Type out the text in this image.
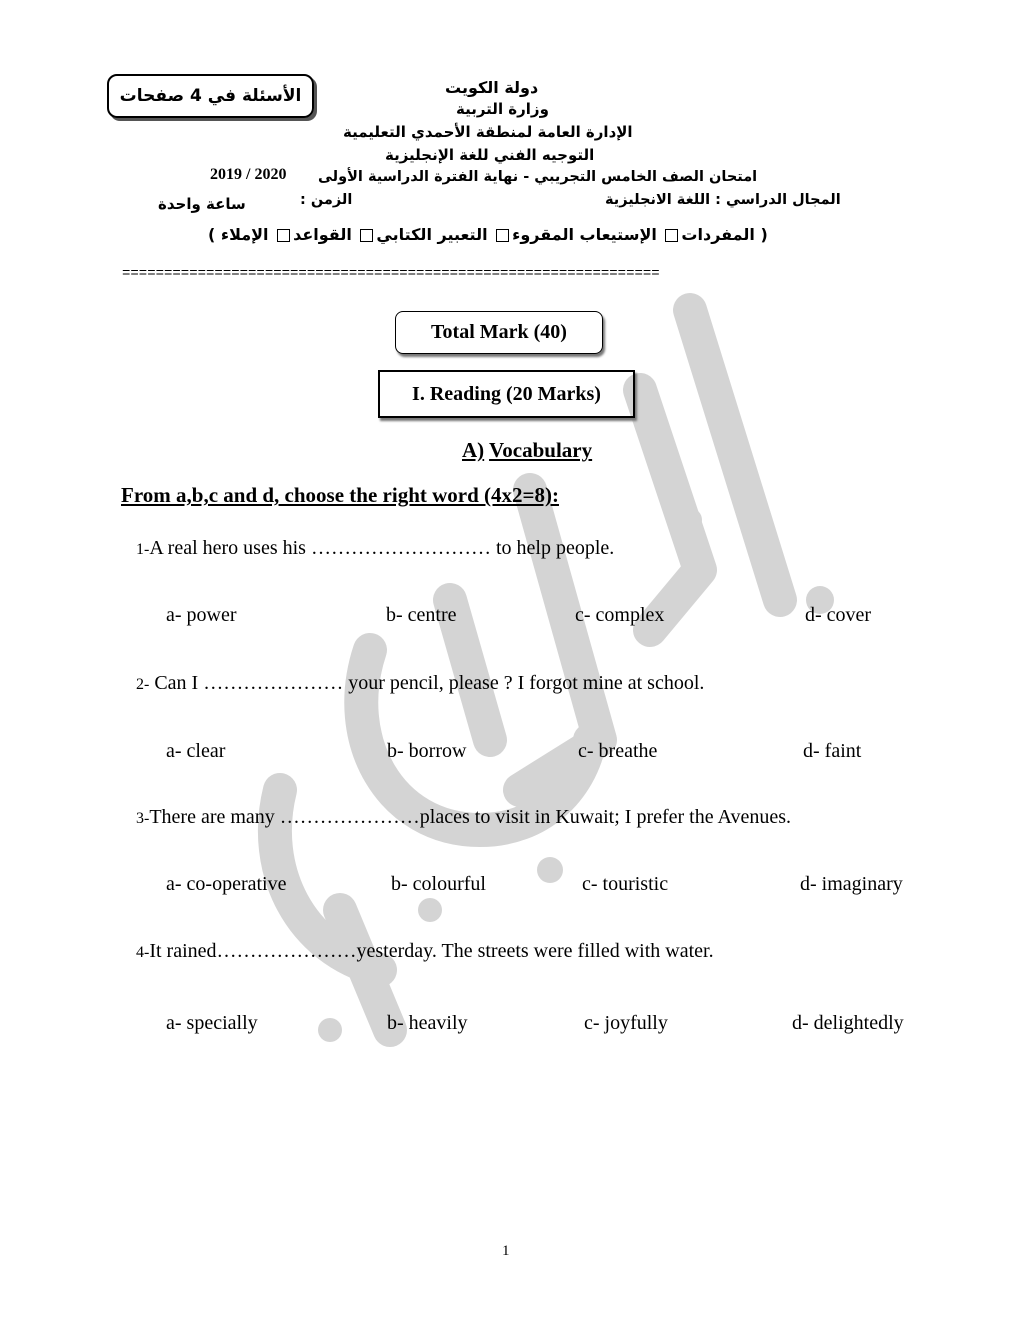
الأسئلة في 4 صفحات	دولة الكويت
وزارة التربية
الإدارة العامة لمنطقة الأحمدي التعليمية
التوجيه الفني للغة الإنجليزية
امتحان الصف الخامس التجريبي - نهاية الفترة الدراسية الأولى
2019 / 2020
المجال الدراسي : اللغة الانجليزية
الزمن :
ساعة واحدة
( المفردات الإستيعاب المقروء التعبير الكتابي القواعد الإملاء )
================================================================
Total Mark (40)
I. Reading (20 Marks)
A) Vocabulary
From a,b,c and d, choose the right word (4x2=8):
1-A real hero uses his ……………………… to help people.
a- power	b- centre	c- complex	d- cover
2- Can I ………………… your pencil, please ? I forgot mine at school.
a- clear	b- borrow	c- breathe	d- faint
3-There are many …………………places to visit in Kuwait; I prefer the Avenues.
a- co-operative	b- colourful	c- touristic	d- imaginary
4-It rained…………………yesterday. The streets were filled with water.
a- specially	b- heavily	c- joyfully	d- delightedly
1
